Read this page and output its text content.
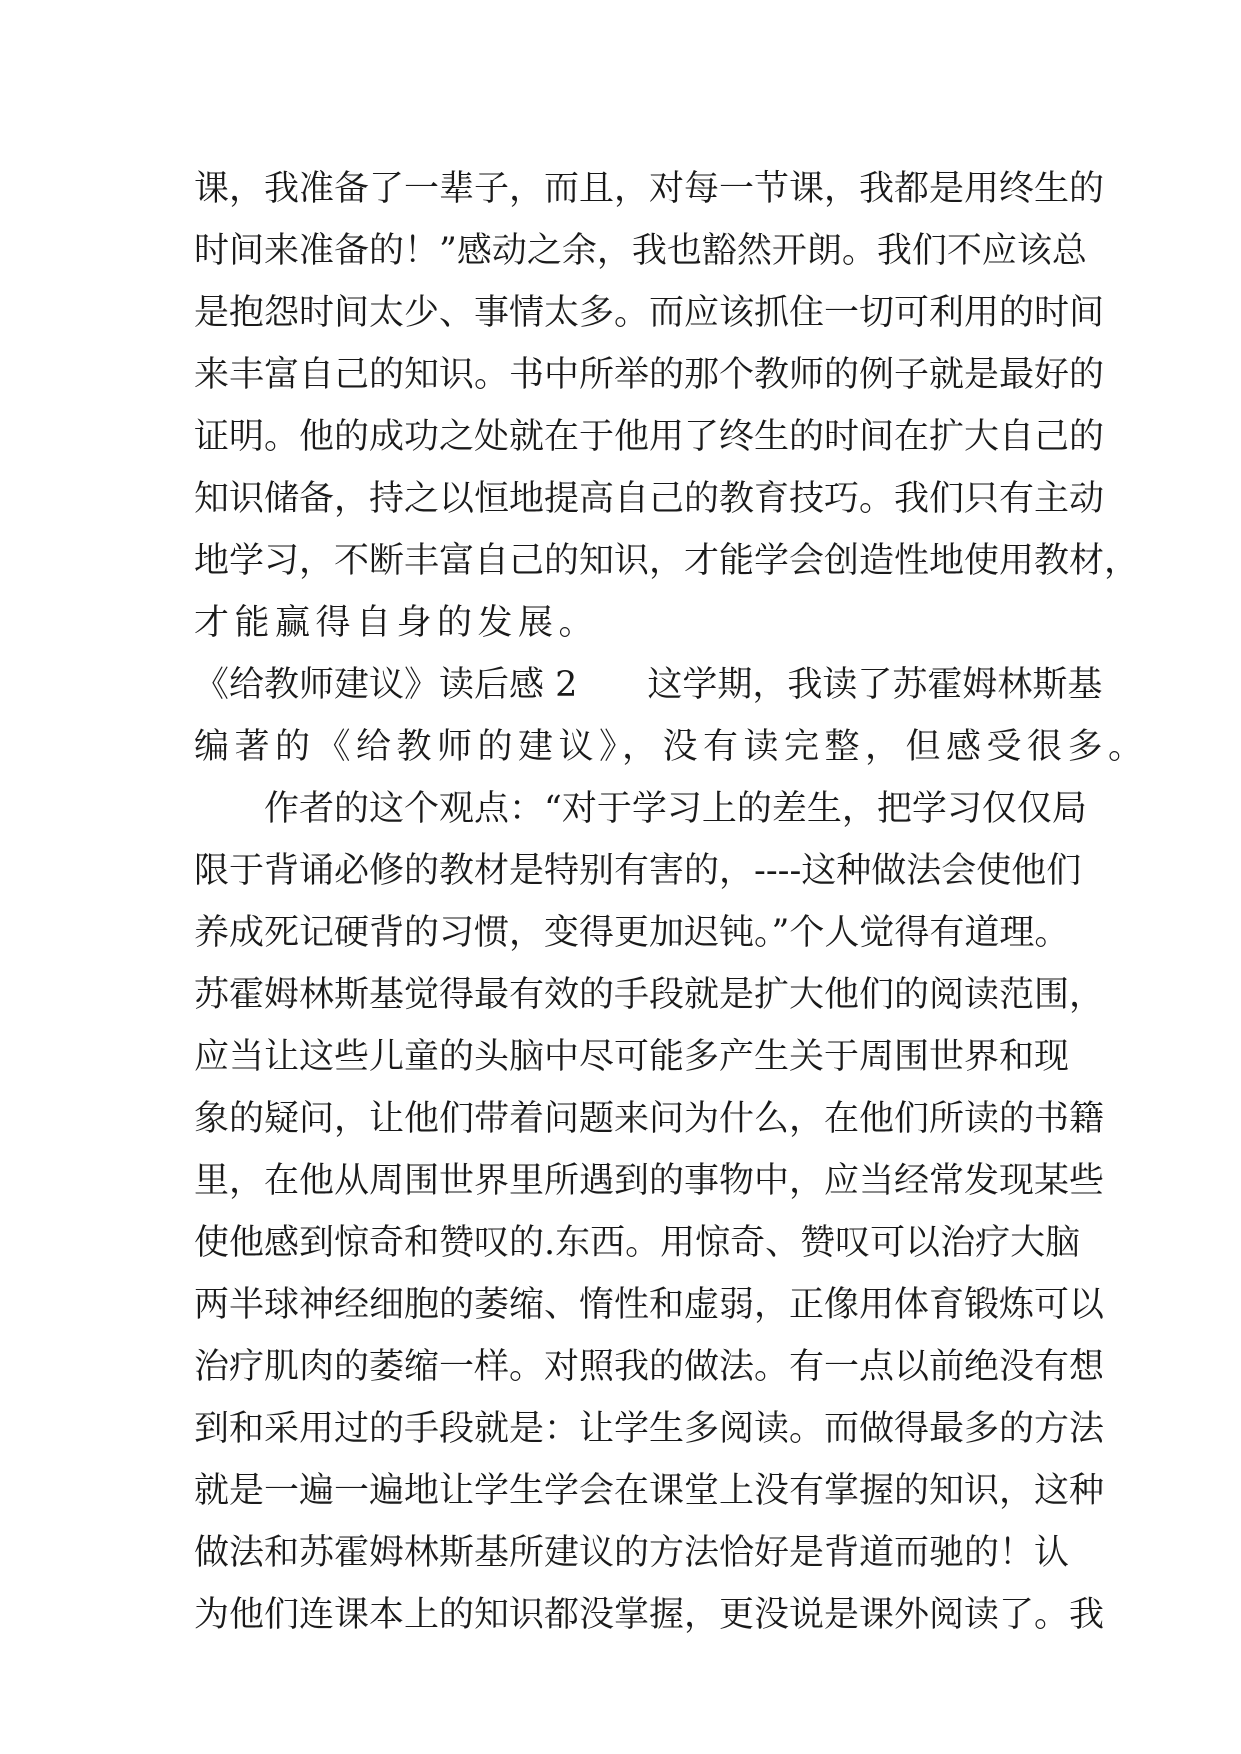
课，我准备了一辈子，而且，对每一节课，我都是用终生的
时间来准备的！”感动之余，我也豁然开朗。我们不应该总
是抱怨时间太少、事情太多。而应该抓住一切可利用的时间
来丰富自己的知识。书中所举的那个教师的例子就是最好的
证明。他的成功之处就在于他用了终生的时间在扩大自己的
知识储备，持之以恒地提高自己的教育技巧。我们只有主动
地学习，不断丰富自己的知识，才能学会创造性地使用教材，
才能赢得自身的发展。
《给教师建议》读后感 2　　这学期，我读了苏霍姆林斯基
编著的《给教师的建议》，没有读完整，但感受很多。
作者的这个观点：“对于学习上的差生，把学习仅仅局
限于背诵必修的教材是特别有害的，----这种做法会使他们
养成死记硬背的习惯，变得更加迟钝。”个人觉得有道理。
苏霍姆林斯基觉得最有效的手段就是扩大他们的阅读范围，
应当让这些儿童的头脑中尽可能多产生关于周围世界和现
象的疑问，让他们带着问题来问为什么，在他们所读的书籍
里，在他从周围世界里所遇到的事物中，应当经常发现某些
使他感到惊奇和赞叹的.东西。用惊奇、赞叹可以治疗大脑
两半球神经细胞的萎缩、惰性和虚弱，正像用体育锻炼可以
治疗肌肉的萎缩一样。对照我的做法。有一点以前绝没有想
到和采用过的手段就是：让学生多阅读。而做得最多的方法
就是一遍一遍地让学生学会在课堂上没有掌握的知识，这种
做法和苏霍姆林斯基所建议的方法恰好是背道而驰的！认
为他们连课本上的知识都没掌握，更没说是课外阅读了。我
